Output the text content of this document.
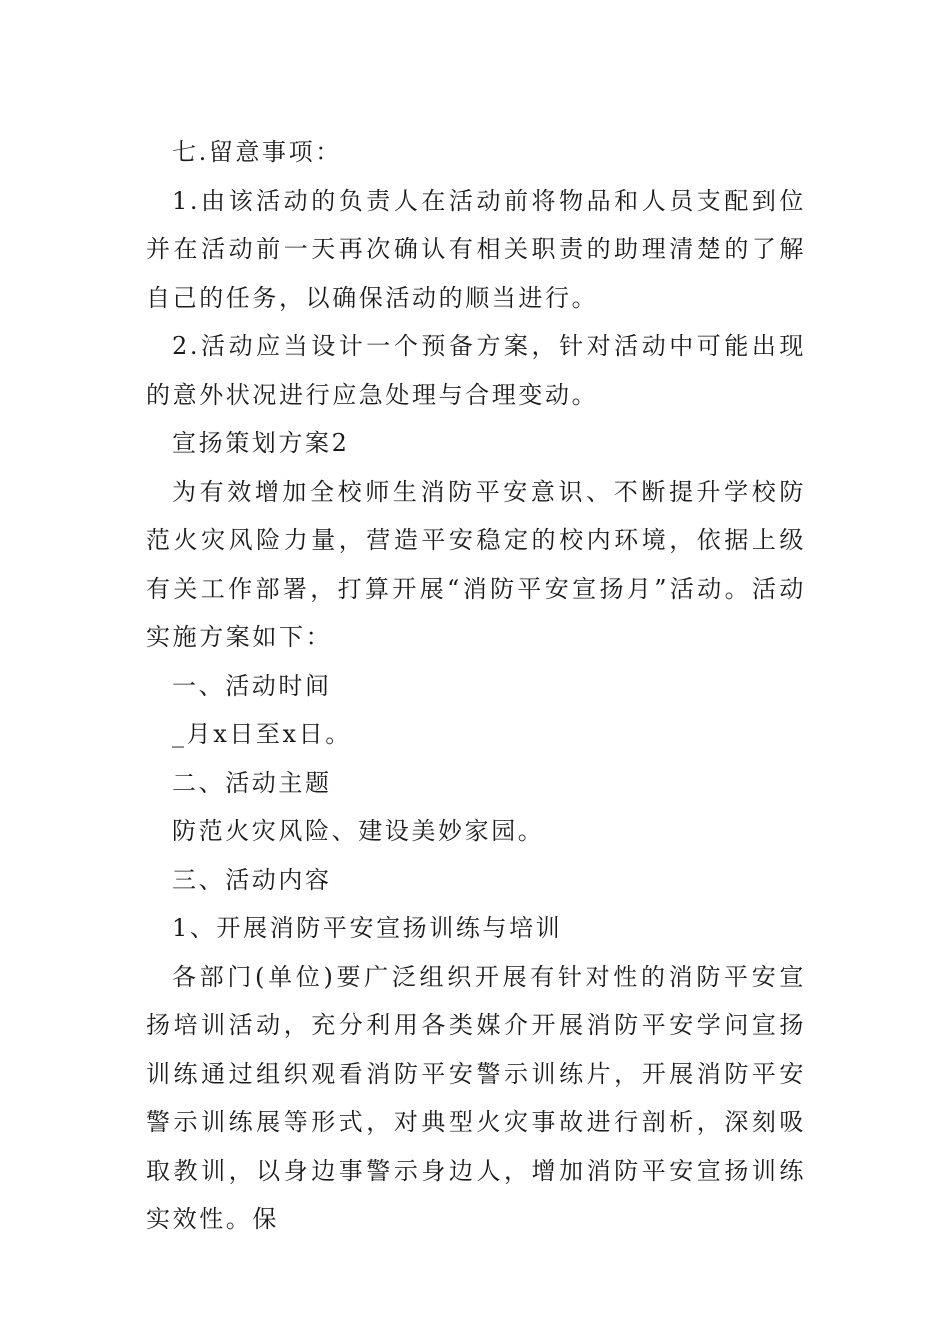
七.留意事项：

1.由该活动的负责人在活动前将物品和人员支配到位并在活动前一天再次确认有相关职责的助理清楚的了解自己的任务，以确保活动的顺当进行。

2.活动应当设计一个预备方案，针对活动中可能出现的意外状况进行应急处理与合理变动。

宣扬策划方案2

为有效增加全校师生消防平安意识、不断提升学校防范火灾风险力量，营造平安稳定的校内环境，依据上级有关工作部署，打算开展“消防平安宣扬月”活动。活动实施方案如下：

一、活动时间

_月x日至x日。

二、活动主题

防范火灾风险、建设美妙家园。

三、活动内容

1、开展消防平安宣扬训练与培训

各部门(单位)要广泛组织开展有针对性的消防平安宣扬培训活动，充分利用各类媒介开展消防平安学问宣扬训练通过组织观看消防平安警示训练片，开展消防平安警示训练展等形式，对典型火灾事故进行剖析，深刻吸取教训，以身边事警示身边人，增加消防平安宣扬训练实效性。保
